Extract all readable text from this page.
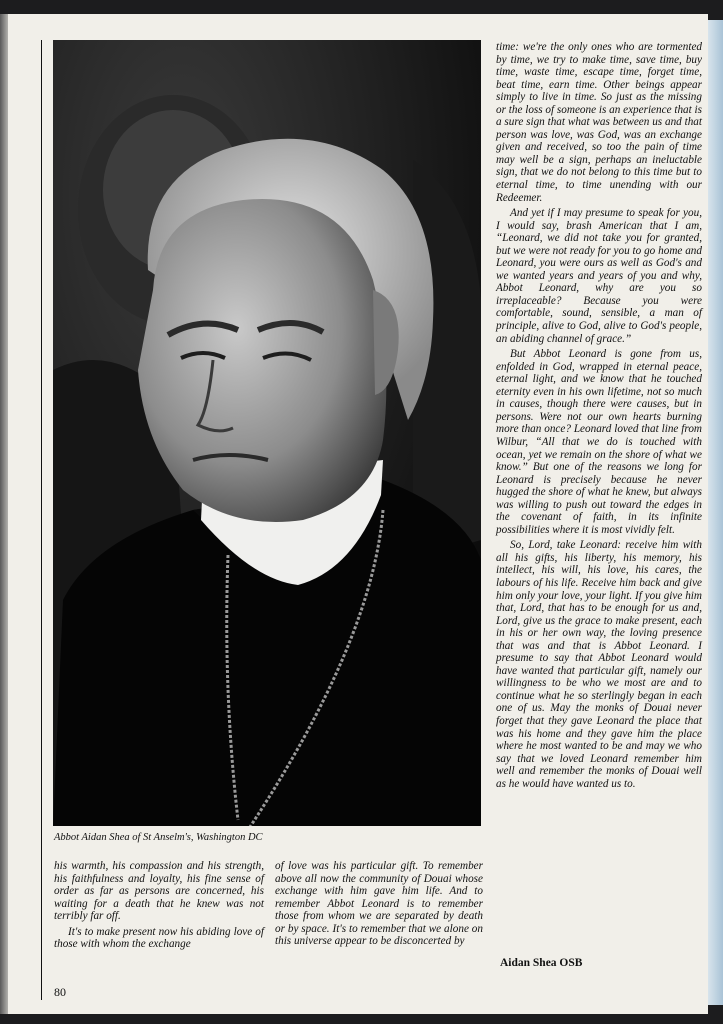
Abbot Aidan Shea of St Anselm's, Washington DC

his warmth, his compassion and his strength, his faithfulness and loyalty, his fine sense of order as far as persons are concerned, his waiting for a death that he knew was not terribly far off.

It's to make present now his abiding love of those with whom the exchange

of love was his particular gift. To remember above all now the community of Douai whose exchange with him gave him life. And to remember Abbot Leonard is to remember those from whom we are separated by death or by space. It's to remember that we alone on this universe appear to be disconcerted by

time: we're the only ones who are tormented by time, we try to make time, save time, buy time, waste time, escape time, forget time, beat time, earn time. Other beings appear simply to live in time. So just as the missing or the loss of someone is an experience that is a sure sign that what was between us and that person was love, was God, was an exchange given and received, so too the pain of time may well be a sign, perhaps an ineluctable sign, that we do not belong to this time but to eternal time, to time unending with our Redeemer.

And yet if I may presume to speak for you, I would say, brash American that I am, “Leonard, we did not take you for granted, but we were not ready for you to go home and Leonard, you were ours as well as God's and we wanted years and years of you and why, Abbot Leonard, why are you so irreplaceable? Because you were comfortable, sound, sensible, a man of principle, alive to God, alive to God's people, an abiding channel of grace.”

But Abbot Leonard is gone from us, enfolded in God, wrapped in eternal peace, eternal light, and we know that he touched eternity even in his own lifetime, not so much in causes, though there were causes, but in persons. Were not our own hearts burning more than once? Leonard loved that line from Wilbur, “All that we do is touched with ocean, yet we remain on the shore of what we know.” But one of the reasons we long for Leonard is precisely because he never hugged the shore of what he knew, but always was willing to push out toward the edges in the covenant of faith, in its infinite possibilities where it is most vividly felt.

So, Lord, take Leonard: receive him with all his gifts, his liberty, his memory, his intellect, his will, his love, his cares, the labours of his life. Receive him back and give him only your love, your light. If you give him that, Lord, that has to be enough for us and, Lord, give us the grace to make present, each in his or her own way, the loving presence that was and that is Abbot Leonard. I presume to say that Abbot Leonard would have wanted that particular gift, namely our willingness to be who we most are and to continue what he so sterlingly began in each one of us. May the monks of Douai never forget that they gave Leonard the place that was his home and they gave him the place where he most wanted to be and may we who say that we loved Leonard remember him well and remember the monks of Douai well as he would have wanted us to.

Aidan Shea OSB
80
